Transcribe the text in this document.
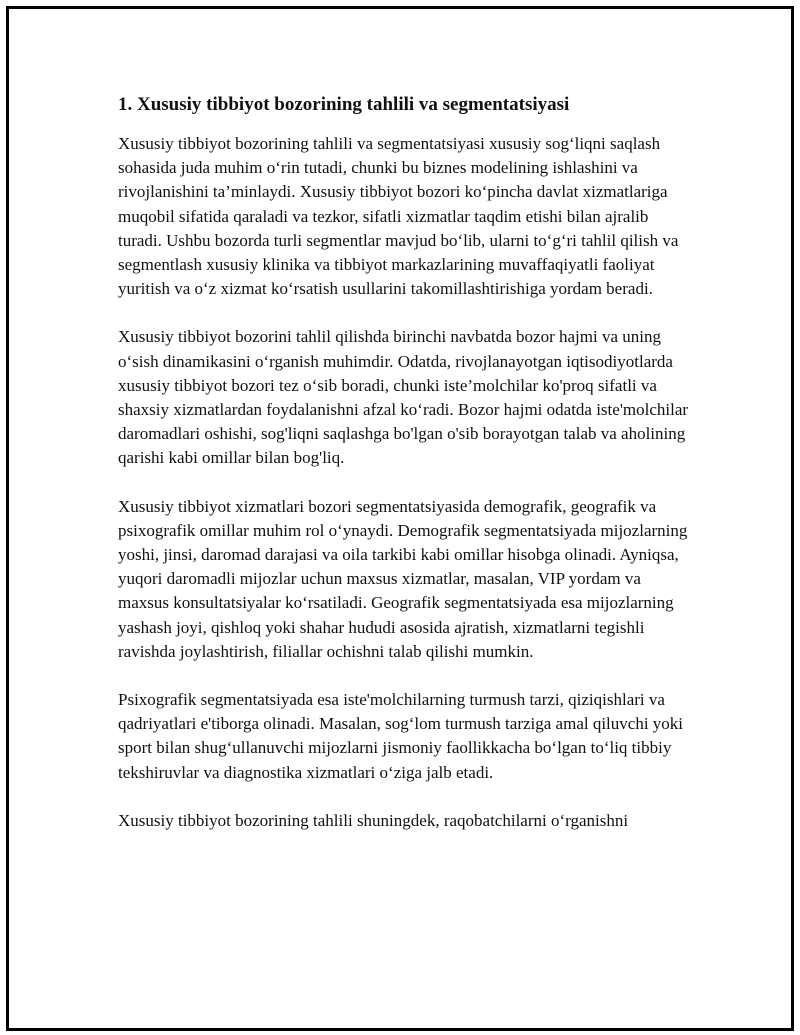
1. Xususiy tibbiyot bozorining tahlili va segmentatsiyasi

Xususiy tibbiyot bozorining tahlili va segmentatsiyasi xususiy sog‘liqni saqlash sohasida juda muhim o‘rin tutadi, chunki bu biznes modelining ishlashini va rivojlanishini ta’minlaydi. Xususiy tibbiyot bozori ko‘pincha davlat xizmatlariga muqobil sifatida qaraladi va tezkor, sifatli xizmatlar taqdim etishi bilan ajralib turadi. Ushbu bozorda turli segmentlar mavjud bo‘lib, ularni to‘g‘ri tahlil qilish va segmentlash xususiy klinika va tibbiyot markazlarining muvaffaqiyatli faoliyat yuritish va o‘z xizmat ko‘rsatish usullarini takomillashtirishiga yordam beradi.

Xususiy tibbiyot bozorini tahlil qilishda birinchi navbatda bozor hajmi va uning o‘sish dinamikasini o‘rganish muhimdir. Odatda, rivojlanayotgan iqtisodiyotlarda xususiy tibbiyot bozori tez o‘sib boradi, chunki iste’molchilar ko'proq sifatli va shaxsiy xizmatlardan foydalanishni afzal ko‘radi. Bozor hajmi odatda iste'molchilar daromadlari oshishi, sog'liqni saqlashga bo'lgan o'sib borayotgan talab va aholining qarishi kabi omillar bilan bog'liq.

Xususiy tibbiyot xizmatlari bozori segmentatsiyasida demografik, geografik va psixografik omillar muhim rol o‘ynaydi. Demografik segmentatsiyada mijozlarning yoshi, jinsi, daromad darajasi va oila tarkibi kabi omillar hisobga olinadi. Ayniqsa, yuqori daromadli mijozlar uchun maxsus xizmatlar, masalan, VIP yordam va maxsus konsultatsiyalar ko‘rsatiladi. Geografik segmentatsiyada esa mijozlarning yashash joyi, qishloq yoki shahar hududi asosida ajratish, xizmatlarni tegishli ravishda joylashtirish, filiallar ochishni talab qilishi mumkin.

Psixografik segmentatsiyada esa iste'molchilarning turmush tarzi, qiziqishlari va qadriyatlari e'tiborga olinadi. Masalan, sog‘lom turmush tarziga amal qiluvchi yoki sport bilan shug‘ullanuvchi mijozlarni jismoniy faollikkacha bo‘lgan to‘liq tibbiy tekshiruvlar va diagnostika xizmatlari o‘ziga jalb etadi.

Xususiy tibbiyot bozorining tahlili shuningdek, raqobatchilarni o‘rganishni
